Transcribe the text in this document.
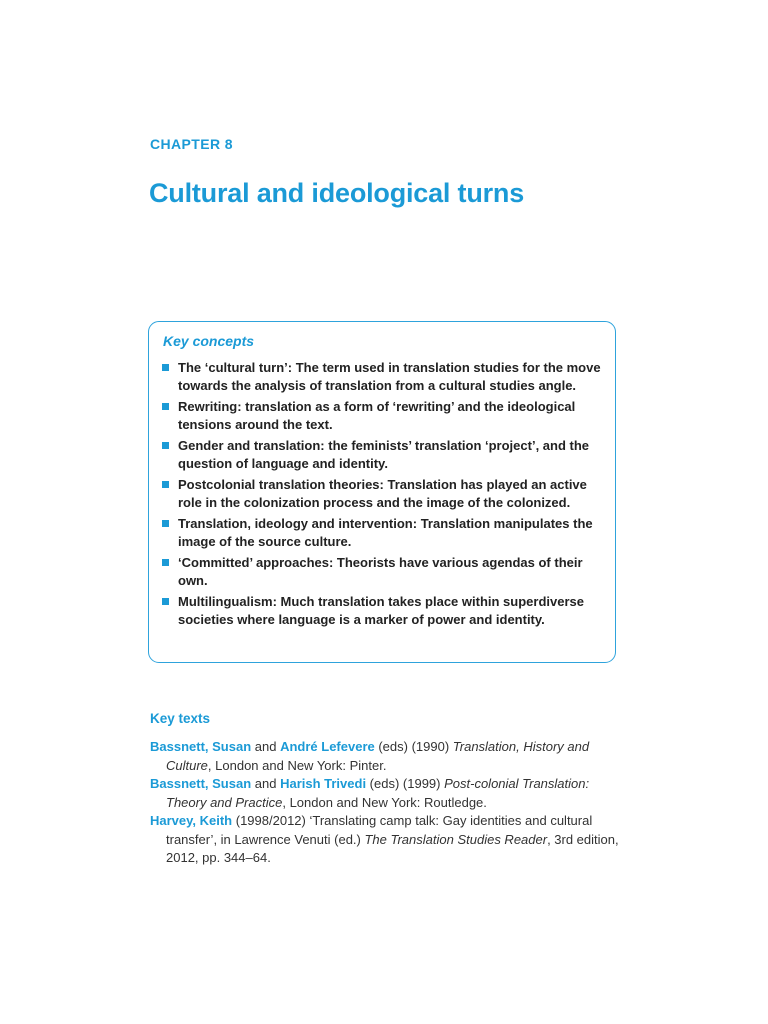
CHAPTER 8
Cultural and ideological turns
Key concepts
The ‘cultural turn’: The term used in translation studies for the move towards the analysis of translation from a cultural studies angle.
Rewriting: translation as a form of ‘rewriting’ and the ideological tensions around the text.
Gender and translation: the feminists’ translation ‘project’, and the question of language and identity.
Postcolonial translation theories: Translation has played an active role in the colonization process and the image of the colonized.
Translation, ideology and intervention: Translation manipulates the image of the source culture.
‘Committed’ approaches: Theorists have various agendas of their own.
Multilingualism: Much translation takes place within superdiverse societies where language is a marker of power and identity.
Key texts
Bassnett, Susan and André Lefevere (eds) (1990) Translation, History and Culture, London and New York: Pinter.
Bassnett, Susan and Harish Trivedi (eds) (1999) Post-colonial Translation: Theory and Practice, London and New York: Routledge.
Harvey, Keith (1998/2012) ‘Translating camp talk: Gay identities and cultural transfer’, in Lawrence Venuti (ed.) The Translation Studies Reader, 3rd edition, 2012, pp. 344–64.
